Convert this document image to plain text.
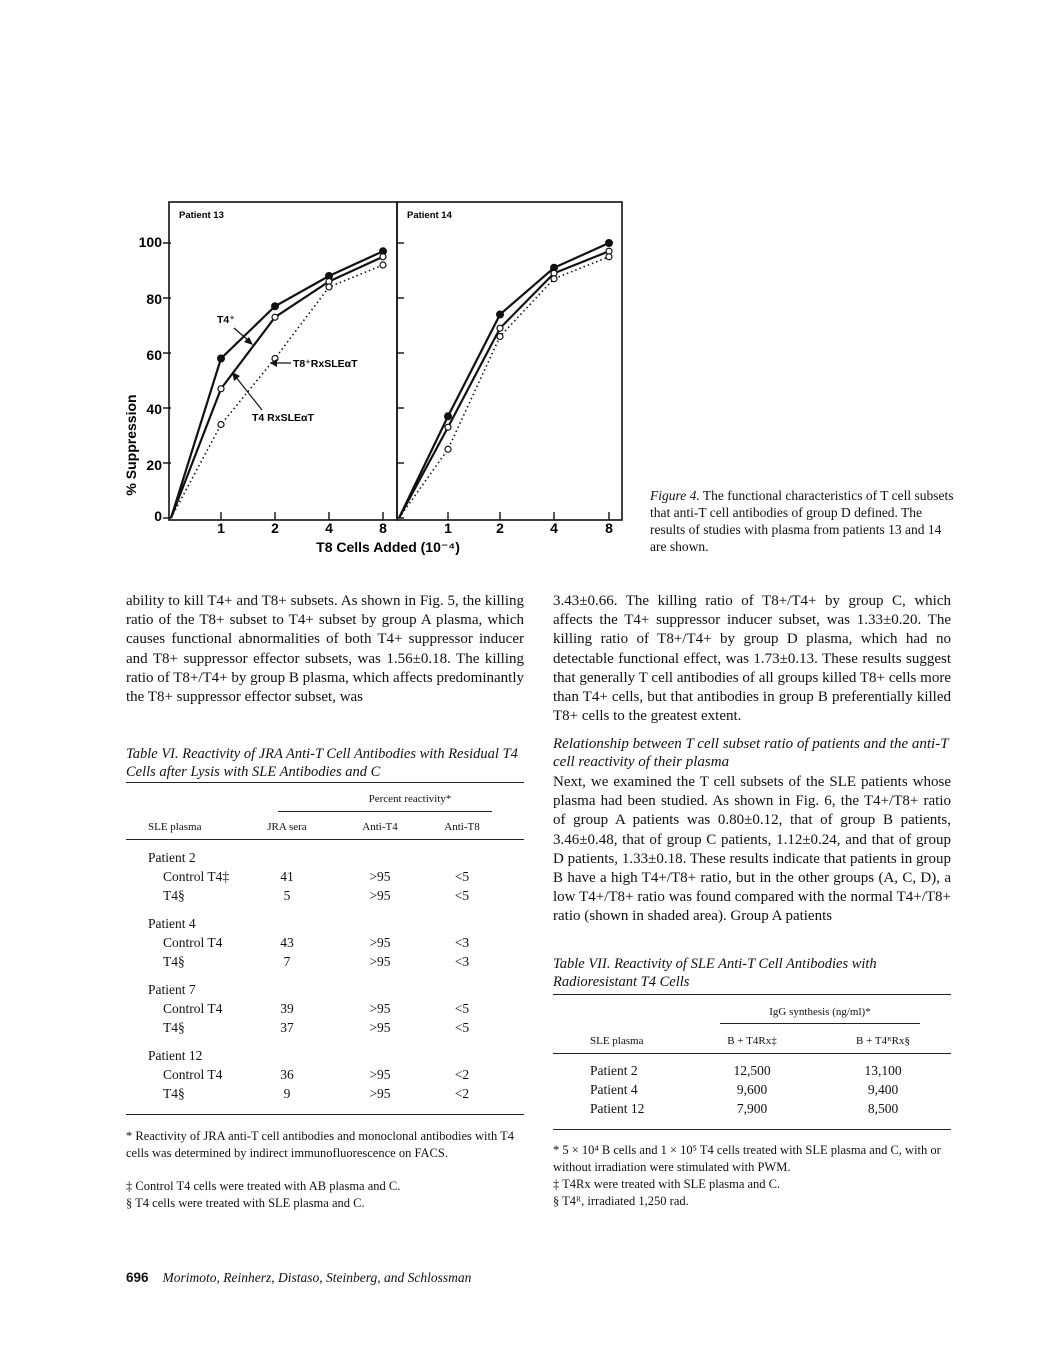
% Suppression
T8 Cells Added (10⁻⁴)
Patient 13	Patient 14
0
20
40
60
80
100
1	2	4	8	1	2	4	8
T4⁺
T8⁺RxSLEαT
T4 RxSLEαT
Figure 4. The functional characteristics of T cell subsets that anti-T cell antibodies of group D defined. The results of studies with plasma from patients 13 and 14 are shown.
ability to kill T4+ and T8+ subsets. As shown in Fig. 5, the killing ratio of the T8+ subset to T4+ subset by group A plasma, which causes functional abnormalities of both T4+ suppressor inducer and T8+ suppressor effector subsets, was 1.56±0.18. The killing ratio of T8+/T4+ by group B plasma, which affects predominantly the T8+ suppressor effector subset, was
3.43±0.66. The killing ratio of T8+/T4+ by group C, which affects the T4+ suppressor inducer subset, was 1.33±0.20. The killing ratio of T8+/T4+ by group D plasma, which had no detectable functional effect, was 1.73±0.13. These results suggest that generally T cell antibodies of all groups killed T8+ cells more than T4+ cells, but that antibodies in group B preferentially killed T8+ cells to the greatest extent.
Relationship between T cell subset ratio of patients and the anti-T cell reactivity of their plasma
Next, we examined the T cell subsets of the SLE patients whose plasma had been studied. As shown in Fig. 6, the T4+/T8+ ratio of group A patients was 0.80±0.12, that of group B patients, 3.46±0.48, that of group C patients, 1.12±0.24, and that of group D patients, 1.33±0.18. These results indicate that patients in group B have a high T4+/T8+ ratio, but in the other groups (A, C, D), a low T4+/T8+ ratio was found compared with the normal T4+/T8+ ratio (shown in shaded area). Group A patients
Table VI. Reactivity of JRA Anti-T Cell Antibodies with Residual T4 Cells after Lysis with SLE Antibodies and C
Percent reactivity*
SLE plasma	JRA sera	Anti-T4	Anti-T8
Patient 2
Control T4‡	41	>95	<5
T4§	5	>95	<5
Patient 4
Control T4	43	>95	<3
T4§	7	>95	<3
Patient 7
Control T4	39	>95	<5
T4§	37	>95	<5
Patient 12
Control T4	36	>95	<2
T4§	9	>95	<2
* Reactivity of JRA anti-T cell antibodies and monoclonal antibodies with T4 cells was determined by indirect immunofluorescence on FACS.
‡ Control T4 cells were treated with AB plasma and C.
§ T4 cells were treated with SLE plasma and C.
Table VII. Reactivity of SLE Anti-T Cell Antibodies with Radioresistant T4 Cells
IgG synthesis (ng/ml)*
SLE plasma	B + T4Rx‡	B + T4ᴿRx§
Patient 2	12,500	13,100
Patient 4	9,600	9,400
Patient 12	7,900	8,500
* 5 × 10⁴ B cells and 1 × 10⁵ T4 cells treated with SLE plasma and C, with or without irradiation were stimulated with PWM.
‡ T4Rx were treated with SLE plasma and C.
§ T4ᴿ, irradiated 1,250 rad.
696 Morimoto, Reinherz, Distaso, Steinberg, and Schlossman
